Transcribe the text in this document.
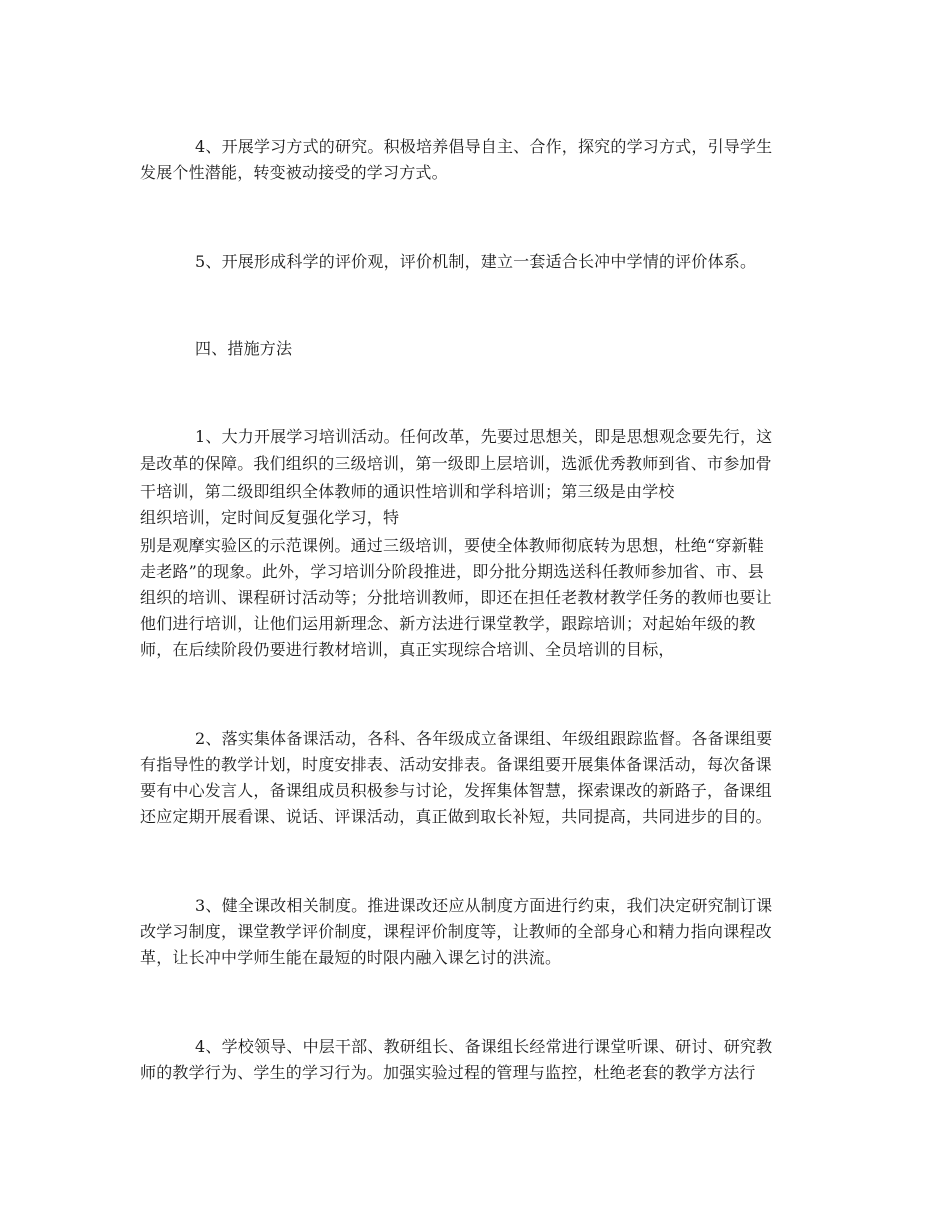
4、开展学习方式的研究。积极培养倡导自主、合作，探究的学习方式，引导学生
发展个性潜能，转变被动接受的学习方式。
5、开展形成科学的评价观，评价机制，建立一套适合长冲中学情的评价体系。
四、措施方法
1、大力开展学习培训活动。任何改革，先要过思想关，即是思想观念要先行，这
是改革的保障。我们组织的三级培训，第一级即上层培训，选派优秀教师到省、市参加骨
干培训，第二级即组织全体教师的通识性培训和学科培训；第三级是由学校
组织培训，定时间反复强化学习，特
别是观摩实验区的示范课例。通过三级培训，要使全体教师彻底转为思想，杜绝“穿新鞋
走老路”的现象。此外，学习培训分阶段推进，即分批分期选送科任教师参加省、市、县
组织的培训、课程研讨活动等；分批培训教师，即还在担任老教材教学任务的教师也要让
他们进行培训，让他们运用新理念、新方法进行课堂教学，跟踪培训；对起始年级的教
师，在后续阶段仍要进行教材培训，真正实现综合培训、全员培训的目标，
2、落实集体备课活动，各科、各年级成立备课组、年级组跟踪监督。各备课组要
有指导性的教学计划，时度安排表、活动安排表。备课组要开展集体备课活动，每次备课
要有中心发言人，备课组成员积极参与讨论，发挥集体智慧，探索课改的新路子，备课组
还应定期开展看课、说话、评课活动，真正做到取长补短，共同提高，共同进步的目的。
3、健全课改相关制度。推进课改还应从制度方面进行约束，我们决定研究制订课
改学习制度，课堂教学评价制度，课程评价制度等，让教师的全部身心和精力指向课程改
革，让长冲中学师生能在最短的时限内融入课乞讨的洪流。
4、学校领导、中层干部、教研组长、备课组长经常进行课堂听课、研讨、研究教
师的教学行为、学生的学习行为。加强实验过程的管理与监控，杜绝老套的教学方法行
